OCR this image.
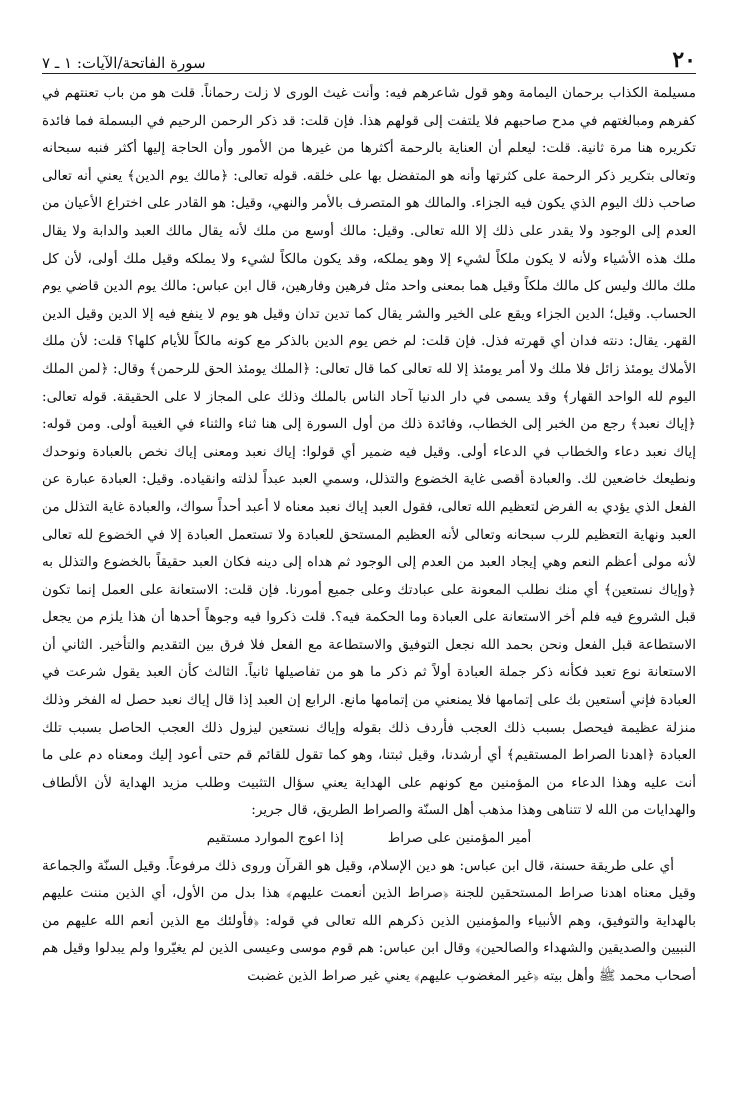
٢٠
سورة الفاتحة/الآيات: ١ ـ ٧

مسيلمة الكذاب برحمان اليمامة وهو قول شاعرهم فيه: وأنت غيث الورى لا زلت رحماناً. قلت هو من باب تعنتهم في كفرهم ومبالغتهم في مدح صاحبهم فلا يلتفت إلى قولهم هذا. فإن قلت: قد ذكر الرحمن الرحيم في البسملة فما فائدة تكريره هنا مرة ثانية. قلت: ليعلم أن العناية بالرحمة أكثرها من غيرها من الأمور وأن الحاجة إليها أكثر فنبه سبحانه وتعالى بتكرير ذكر الرحمة على كثرتها وأنه هو المتفضل بها على خلقه. قوله تعالى: ﴿مالك يوم الدين﴾ يعني أنه تعالى صاحب ذلك اليوم الذي يكون فيه الجزاء. والمالك هو المتصرف بالأمر والنهي، وقيل: هو القادر على اختراع الأعيان من العدم إلى الوجود ولا يقدر على ذلك إلا الله تعالى. وقيل: مالك أوسع من ملك لأنه يقال مالك العبد والدابة ولا يقال ملك هذه الأشياء ولأنه لا يكون ملكاً لشيء إلا وهو يملكه، وقد يكون مالكاً لشيء ولا يملكه وقيل ملك أولى، لأن كل ملك مالك وليس كل مالك ملكاً وقيل هما بمعنى واحد مثل فرهين وفارهين، قال ابن عباس: مالك يوم الدين قاضي يوم الحساب. وقيل؛ الدين الجزاء ويقع على الخير والشر يقال كما تدين تدان وقيل هو يوم لا ينفع فيه إلا الدين وقيل الدين القهر. يقال: دنته فدان أي قهرته فذل. فإن قلت: لم خص يوم الدين بالذكر مع كونه مالكاً للأيام كلها؟ قلت: لأن ملك الأملاك يومئذ زائل فلا ملك ولا أمر يومئذ إلا لله تعالى كما قال تعالى: ﴿الملك يومئذ الحق للرحمن﴾ وقال: ﴿لمن الملك اليوم لله الواحد القهار﴾ وقد يسمى في دار الدنيا آحاد الناس بالملك وذلك على المجاز لا على الحقيقة. قوله تعالى: ﴿إياك نعبد﴾ رجع من الخبر إلى الخطاب، وفائدة ذلك من أول السورة إلى هنا ثناء والثناء في الغيبة أولى. ومن قوله: إياك نعبد دعاء والخطاب في الدعاء أولى. وقيل فيه ضمير أي قولوا: إياك نعبد ومعنى إياك نخص بالعبادة ونوحدك ونطيعك خاضعين لك. والعبادة أقصى غاية الخضوع والتذلل، وسمي العبد عبداً لذلته وانقياده. وقيل: العبادة عبارة عن الفعل الذي يؤدي به الفرض لتعظيم الله تعالى، فقول العبد إياك نعبد معناه لا أعبد أحداً سواك، والعبادة غاية التذلل من العبد ونهاية التعظيم للرب سبحانه وتعالى لأنه العظيم المستحق للعبادة ولا تستعمل العبادة إلا في الخضوع لله تعالى لأنه مولى أعظم النعم وهي إيجاد العبد من العدم إلى الوجود ثم هداه إلى دينه فكان العبد حقيقاً بالخضوع والتذلل به ﴿وإياك نستعين﴾ أي منك نطلب المعونة على عبادتك وعلى جميع أمورنا. فإن قلت: الاستعانة على العمل إنما تكون قبل الشروع فيه فلم أخر الاستعانة على العبادة وما الحكمة فيه؟. قلت ذكروا فيه وجوهاً أحدها أن هذا يلزم من يجعل الاستطاعة قبل الفعل ونحن بحمد الله نجعل التوفيق والاستطاعة مع الفعل فلا فرق بين التقديم والتأخير. الثاني أن الاستعانة نوع تعبد فكأنه ذكر جملة العبادة أولاً ثم ذكر ما هو من تفاصيلها ثانياً. الثالث كأن العبد يقول شرعت في العبادة فإني أستعين بك على إتمامها فلا يمنعني من إتمامها مانع. الرابع إن العبد إذا قال إياك نعبد حصل له الفخر وذلك منزلة عظيمة فيحصل بسبب ذلك العجب فأردف ذلك بقوله وإياك نستعين ليزول ذلك العجب الحاصل بسبب تلك العبادة ﴿اهدنا الصراط المستقيم﴾ أي أرشدنا، وقيل ثبتنا، وهو كما تقول للقائم قم حتى أعود إليك ومعناه دم على ما أنت عليه وهذا الدعاء من المؤمنين مع كونهم على الهداية يعني سؤال التثبيت وطلب مزيد الهداية لأن الألطاف والهدايات من الله لا تتناهى وهذا مذهب أهل السنّة والصراط الطريق، قال جرير:

أمير المؤمنين على صراط
إذا اعوج الموارد مستقيم

أي على طريقة حسنة، قال ابن عباس: هو دين الإسلام، وقيل هو القرآن وروى ذلك مرفوعاً. وقيل السنّة والجماعة وقيل معناه اهدنا صراط المستحقين للجنة ﴿صراط الذين أنعمت عليهم﴾ هذا بدل من الأول، أي الذين مننت عليهم بالهداية والتوفيق، وهم الأنبياء والمؤمنين الذين ذكرهم الله تعالى في قوله: ﴿فأولئك مع الذين أنعم الله عليهم من النبيين والصديقين والشهداء والصالحين﴾ وقال ابن عباس: هم قوم موسى وعيسى الذين لم يغيّروا ولم يبدلوا وقيل هم أصحاب محمد ﷺ وأهل بيته ﴿غير المغضوب عليهم﴾ يعني غير صراط الذين غضبت
